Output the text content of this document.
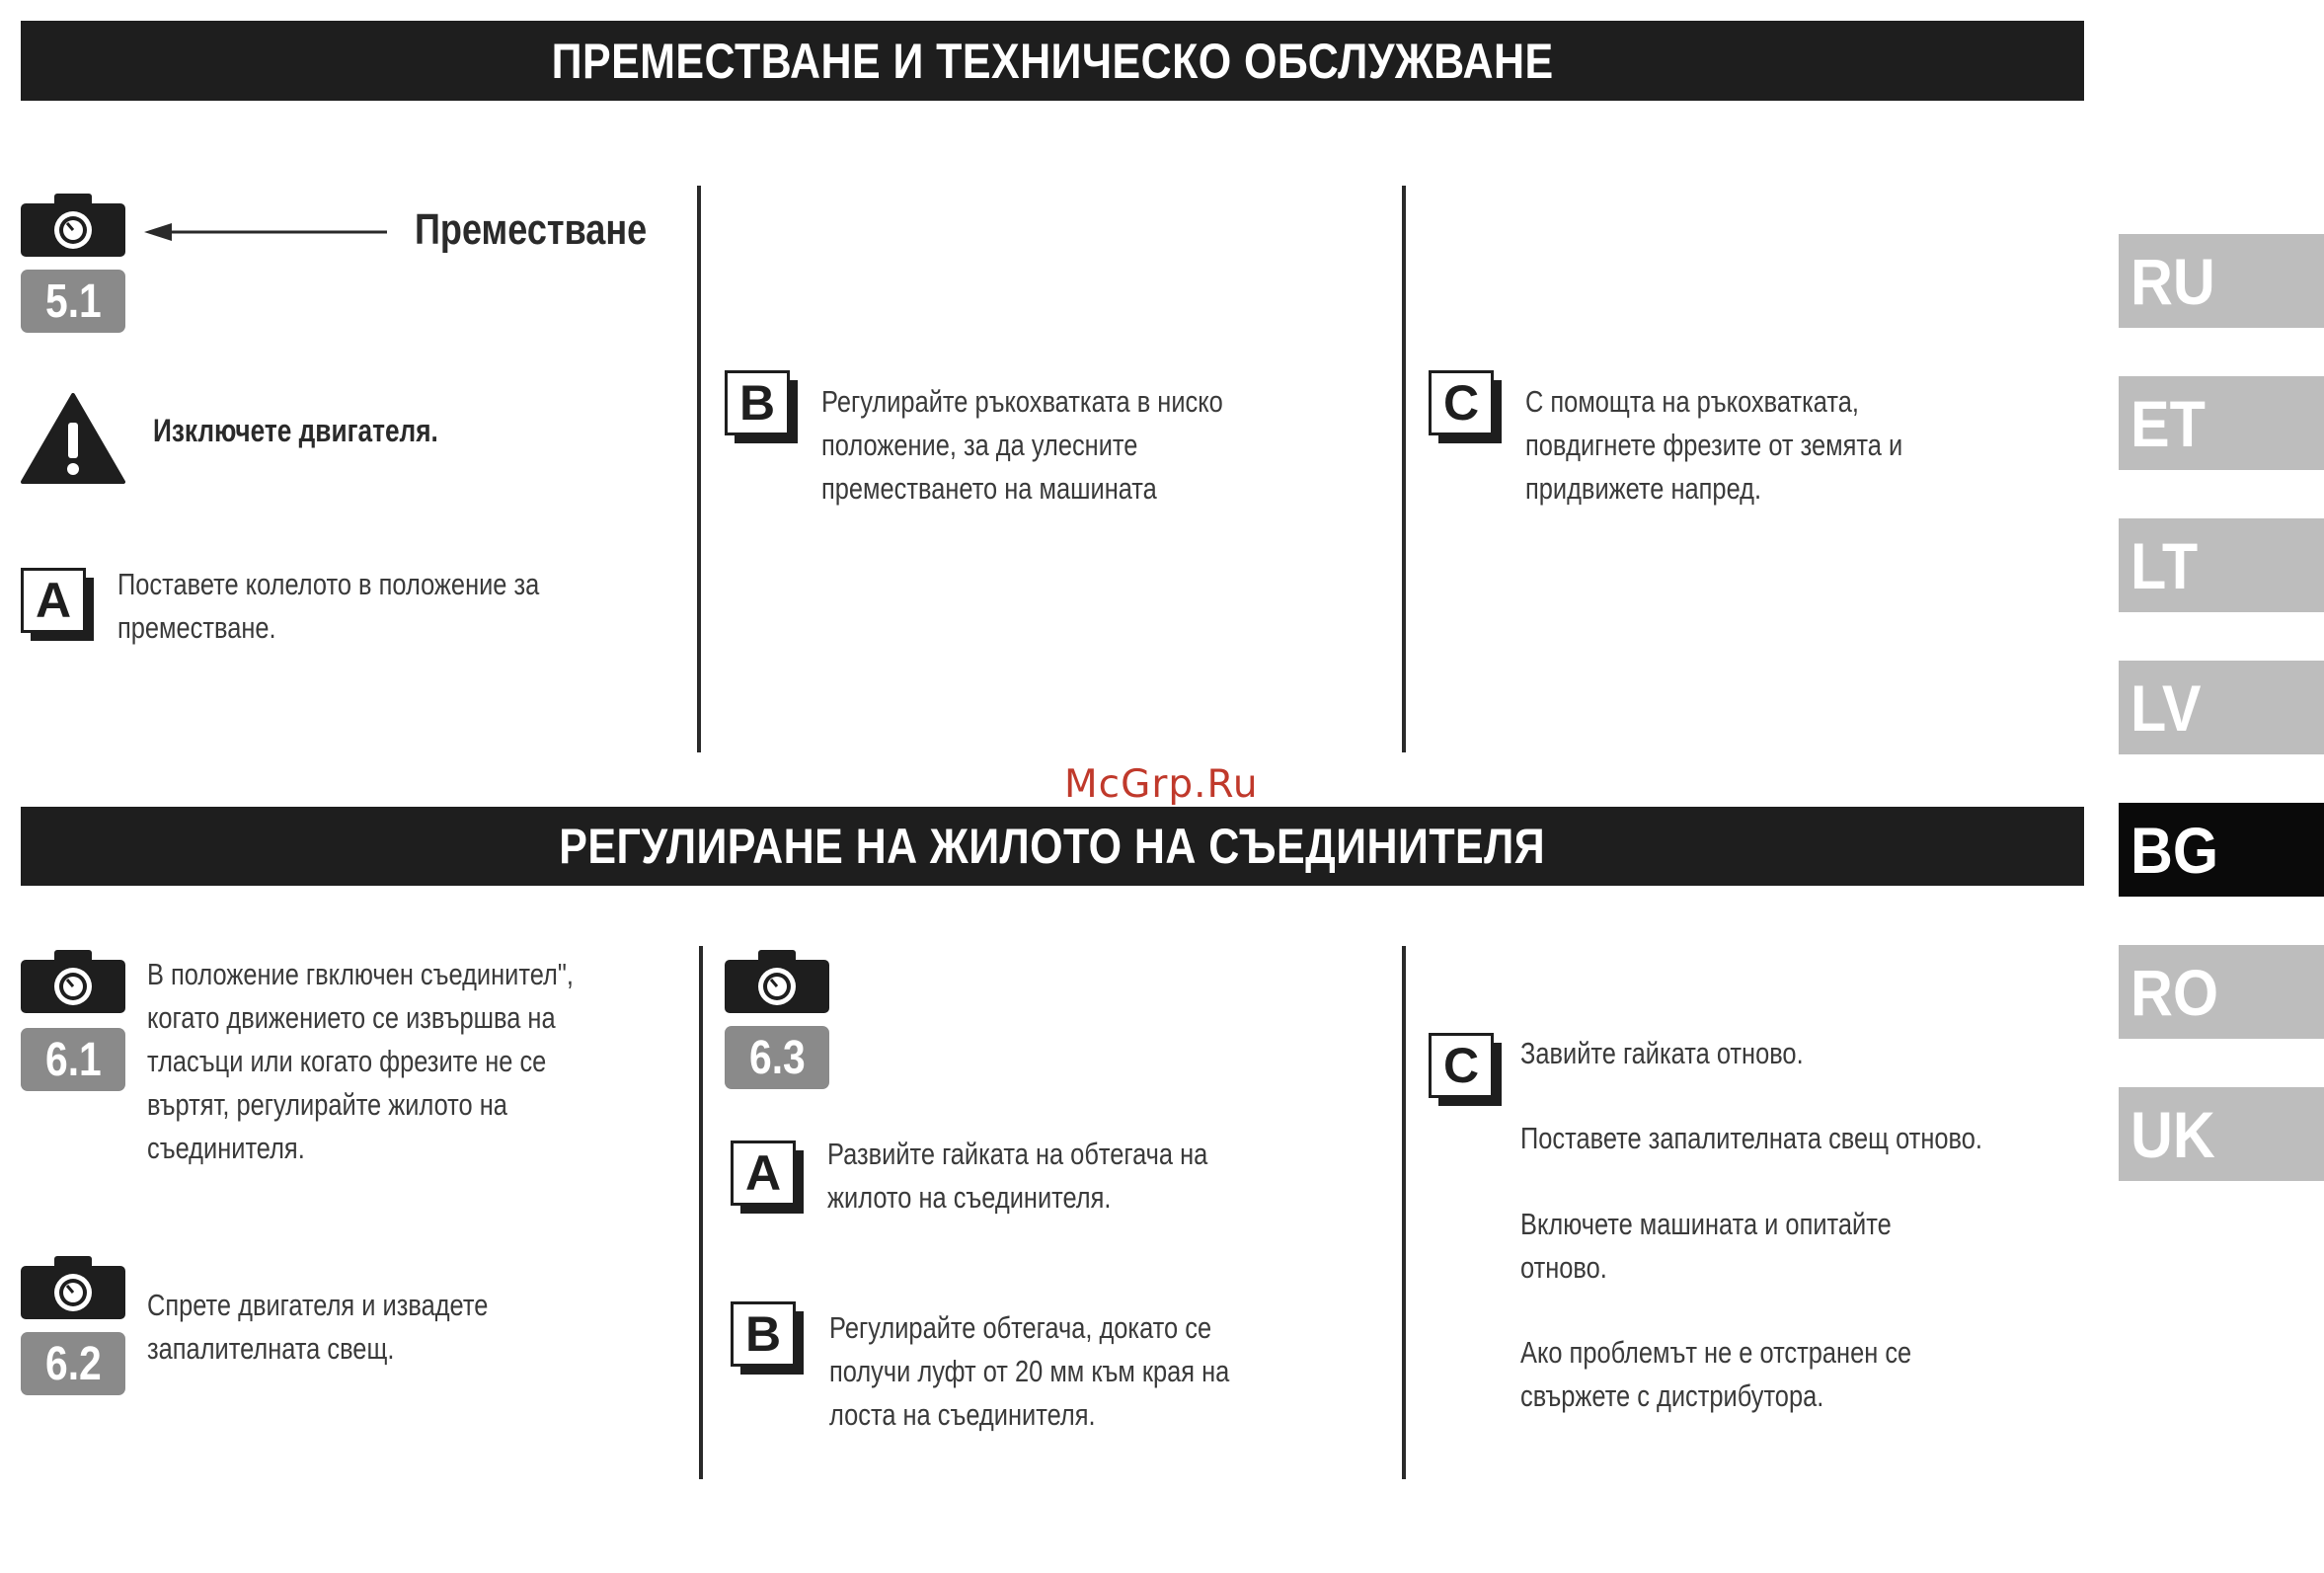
ПРЕМЕСТВАНЕ И ТЕХНИЧЕСКО ОБСЛУЖВАНЕ
5.1
Преместване
Изключете двигателя.
A	Поставете колелото в положение за
преместване.
B	Регулирайте ръкохватката в ниско
положение, за да улесните
преместването на машината
C	С помощта на ръкохватката,
повдигнете фрезите от земята и
придвижете напред.
McGrp.Ru
РЕГУЛИРАНЕ НА ЖИЛОТО НА СЪЕДИНИТЕЛЯ
6.1
В положение гвключен съединител",
когато движението се извършва на
тласъци или когато фрезите не се
въртят, регулирайте жилото на
съединителя.
6.2
Спрете двигателя и извадете
запалителната свещ.
6.3
A	Развийте гайката на обтегача на
жилото на съединителя.
B	Регулирайте обтегача, докато се
получи луфт от 20 мм към края на
лоста на съединителя.
C	Завийте гайката отново.
Поставете запалителната свещ отново.
Включете машината и опитайте
отново.
Ако проблемът не е отстранен се
свържете с дистрибутора.
RU
ET
LT
LV
BG
RO
UK
